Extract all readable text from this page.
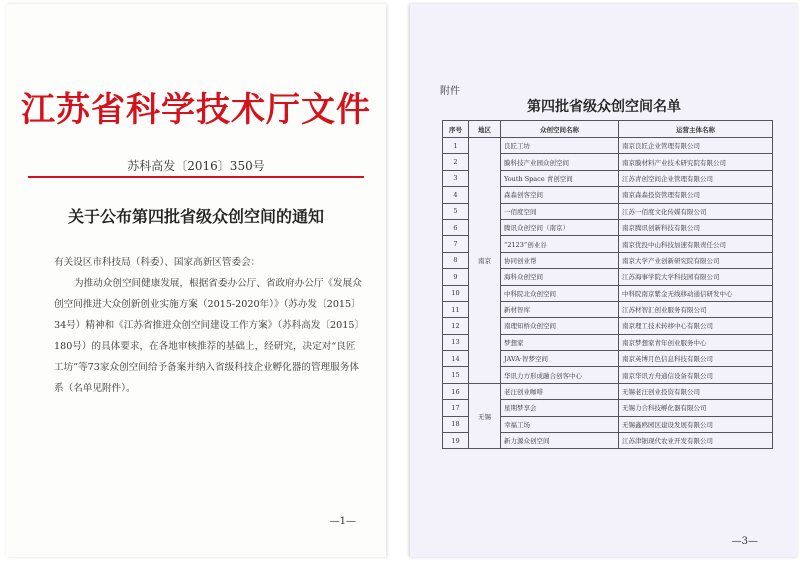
江苏省科学技术厅文件
苏科高发〔2016〕350号
关于公布第四批省级众创空间的通知

有关设区市科技局（科委）、国家高新区管委会：

为推动众创空间健康发展，根据省委办公厅、省政府办公厅《发展众创空间推进大众创新创业实施方案（2015-2020年）》（苏办发〔2015〕34号）精神和《江苏省推进众创空间建设工作方案》（苏科高发〔2015〕180号）的具体要求，在各地审核推荐的基础上，经研究，决定对“良匠工坊”等73家众创空间给予备案并纳入省级科技企业孵化器的管理服务体系（名单见附件）。

—1—
附件
第四批省级众创空间名单
序号	地区	众创空间名称	运营主体名称
1	南京	良匠工坊	南京良匠企业管理有限公司
2		膜科技产业园众创空间	南京膜材料产业技术研究院有限公司
3		Youth Space 青创空间	江苏青创空间企业管理有限公司
4		森森创客空间	南京森森投资管理有限公司
5		一佰度空间	江苏一佰度文化传媒有限公司
6		腾讯众创空间（南京）	南京腾讯创新科技有限公司
7		“2123”创业谷	南京优投中山科技加速有限责任公司
8		协同创业帮	南京大学产业创新研究院有限公司
9		海科众创空间	江苏海事学院大学科技园有限公司
10		中科院北众创空间	中科院南京紫金无线移动通信研发中心
11		新材智库	江苏材智汇创业服务有限公司
12		南理知桥众创空间	南京理工技术转移中心有限公司
13		梦想家	南京梦想家青年创业服务中心
14		JAVA·智梦空间	南京英博月色信息科技有限公司
15		华讯力方形成融合创客中心	南京华讯方舟通信设备有限公司
16	无锡	老汪创业咖啡	无锡老汪创业投资有限公司
17		星期梦享会	无锡力合科技孵化器有限公司
18		幸福工场	无锡鑫鸥园区建设发展有限公司
19		新力源众创空间	江苏津钿现代农业开发有限公司
—3—
